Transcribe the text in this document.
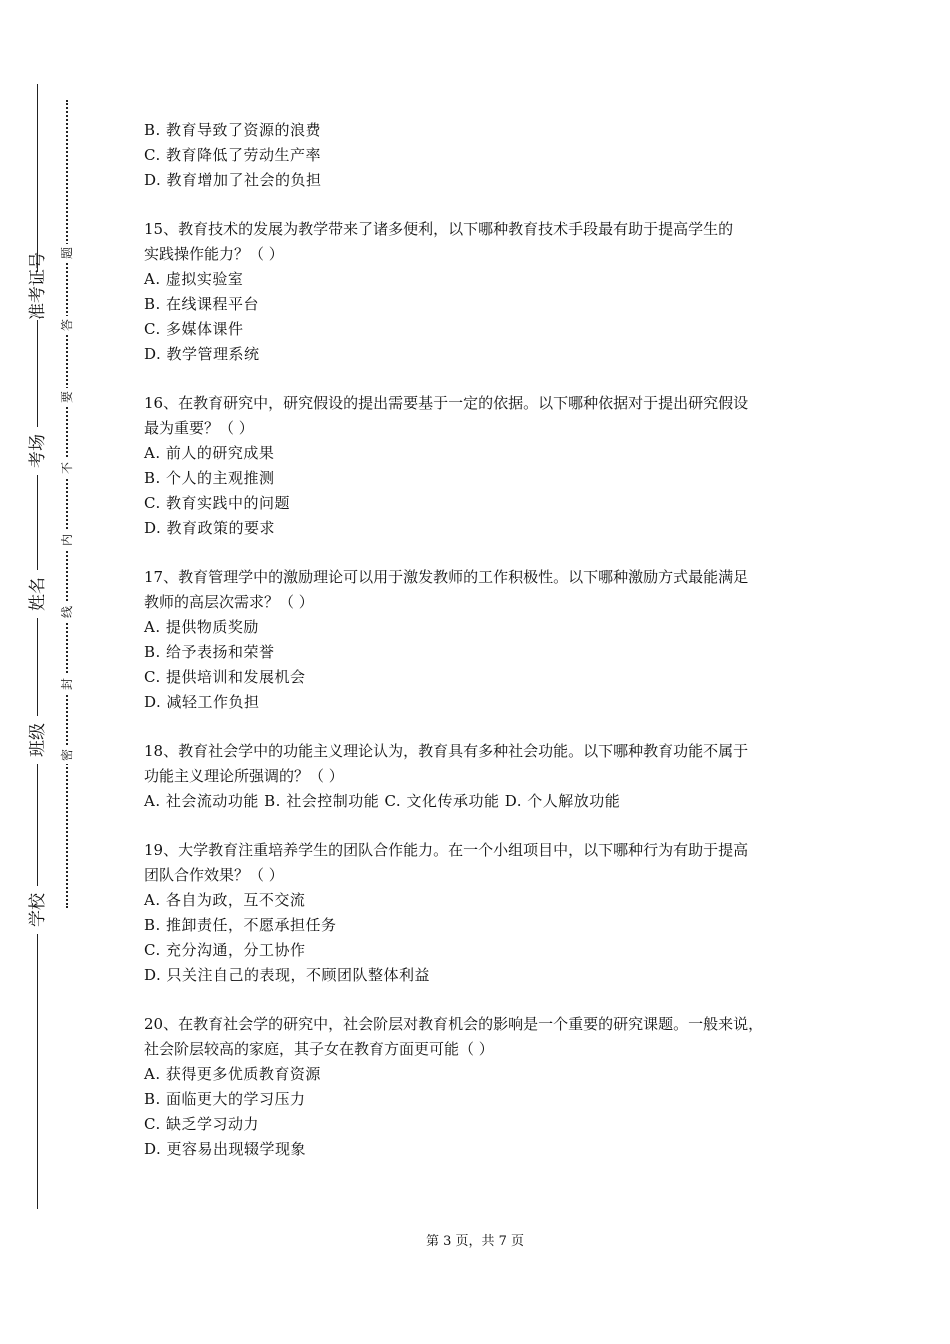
准考证号
考场
姓名
班级
学校
题
答
要
不
内
线
封
密
B. 教育导致了资源的浪费
C. 教育降低了劳动生产率
D. 教育增加了社会的负担
15、教育技术的发展为教学带来了诸多便利，以下哪种教育技术手段最有助于提高学生的
实践操作能力？（ ）
A. 虚拟实验室
B. 在线课程平台
C. 多媒体课件
D. 教学管理系统
16、在教育研究中，研究假设的提出需要基于一定的依据。以下哪种依据对于提出研究假设
最为重要？（ ）
A. 前人的研究成果
B. 个人的主观推测
C. 教育实践中的问题
D. 教育政策的要求
17、教育管理学中的激励理论可以用于激发教师的工作积极性。以下哪种激励方式最能满足
教师的高层次需求？（ ）
A. 提供物质奖励
B. 给予表扬和荣誉
C. 提供培训和发展机会
D. 减轻工作负担
18、教育社会学中的功能主义理论认为，教育具有多种社会功能。以下哪种教育功能不属于
功能主义理论所强调的？（ ）
A. 社会流动功能 B. 社会控制功能 C. 文化传承功能 D. 个人解放功能
19、大学教育注重培养学生的团队合作能力。在一个小组项目中，以下哪种行为有助于提高
团队合作效果？（ ）
A. 各自为政，互不交流
B. 推卸责任，不愿承担任务
C. 充分沟通，分工协作
D. 只关注自己的表现，不顾团队整体利益
20、在教育社会学的研究中，社会阶层对教育机会的影响是一个重要的研究课题。一般来说，
社会阶层较高的家庭，其子女在教育方面更可能（ ）
A. 获得更多优质教育资源
B. 面临更大的学习压力
C. 缺乏学习动力
D. 更容易出现辍学现象
第 3 页，共 7 页
